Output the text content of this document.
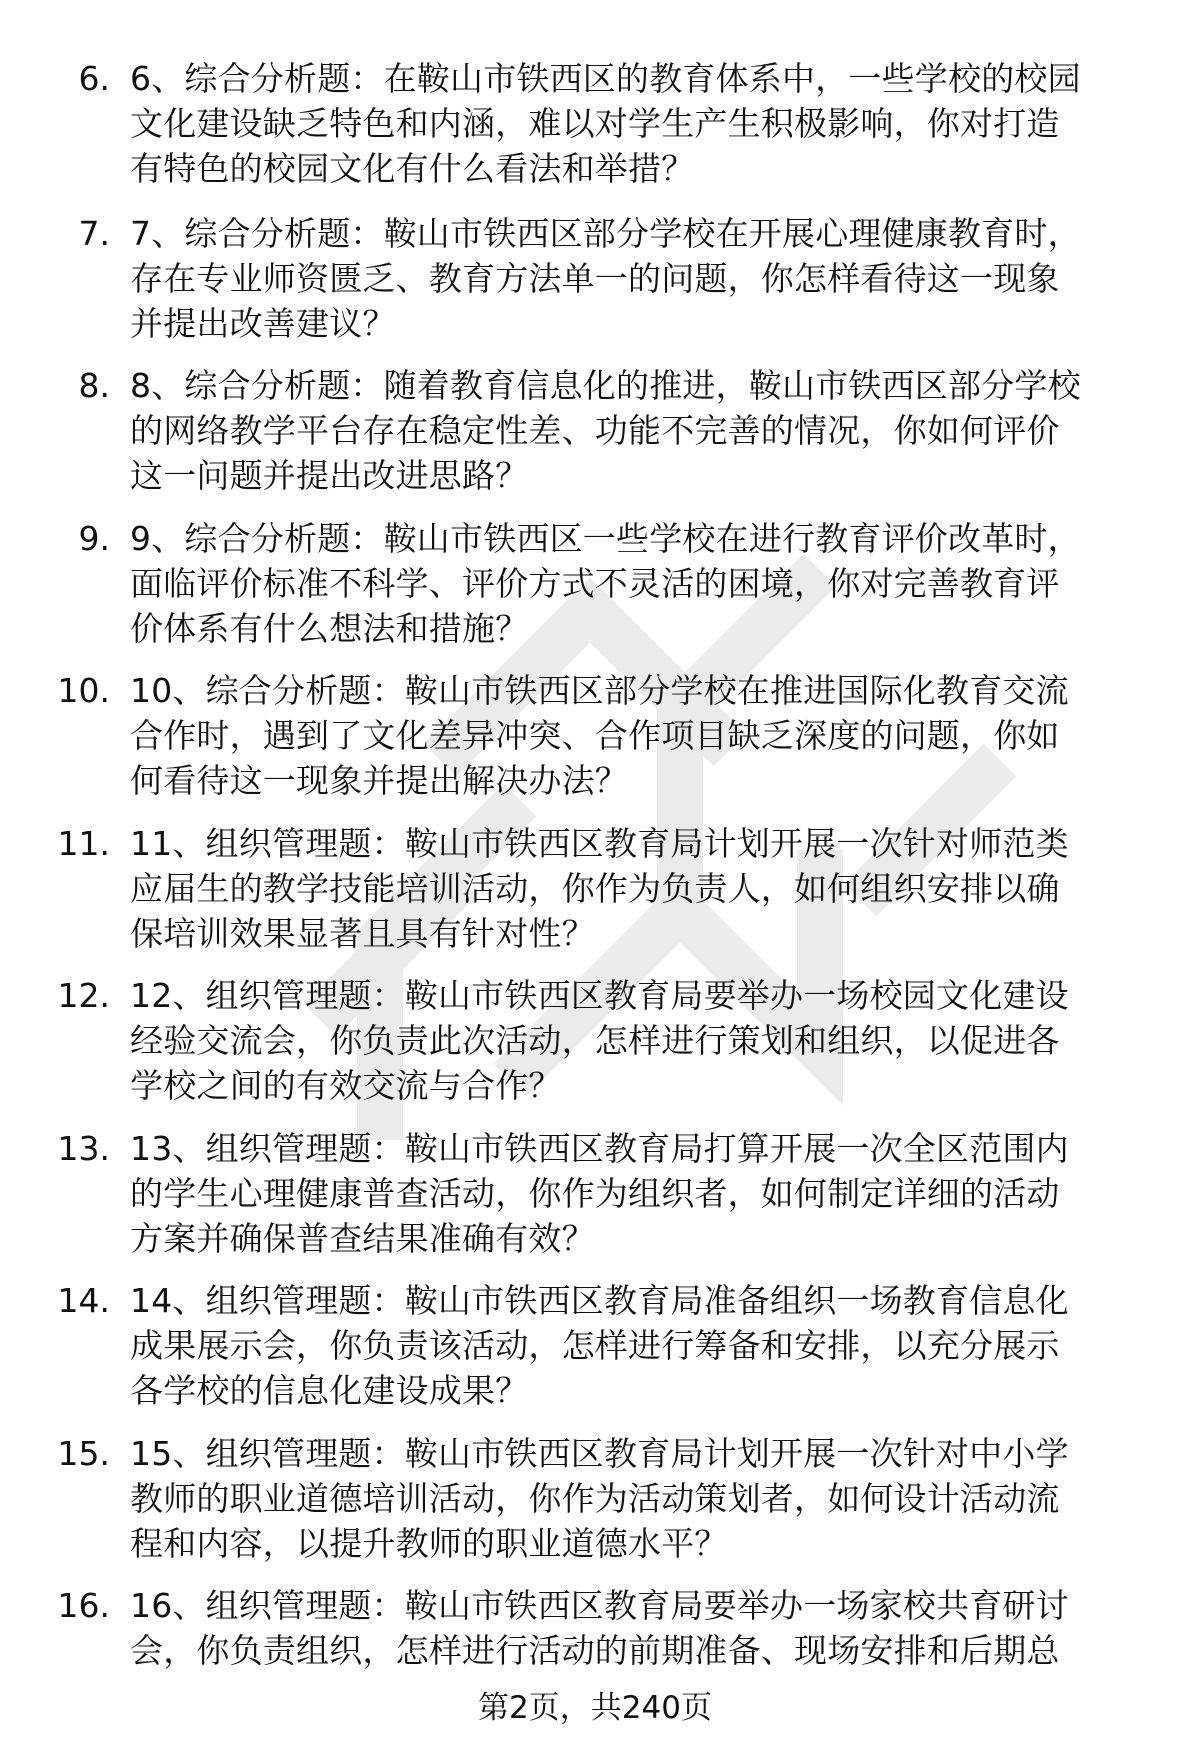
6. 6、综合分析题：在鞍山市铁西区的教育体系中，一些学校的校园
文化建设缺乏特色和内涵，难以对学生产生积极影响，你对打造
有特色的校园文化有什么看法和举措？
7. 7、综合分析题：鞍山市铁西区部分学校在开展心理健康教育时，
存在专业师资匮乏、教育方法单一的问题，你怎样看待这一现象
并提出改善建议？
8. 8、综合分析题：随着教育信息化的推进，鞍山市铁西区部分学校
的网络教学平台存在稳定性差、功能不完善的情况，你如何评价
这一问题并提出改进思路？
9. 9、综合分析题：鞍山市铁西区一些学校在进行教育评价改革时，
面临评价标准不科学、评价方式不灵活的困境，你对完善教育评
价体系有什么想法和措施？
10. 10、综合分析题：鞍山市铁西区部分学校在推进国际化教育交流
合作时，遇到了文化差异冲突、合作项目缺乏深度的问题，你如
何看待这一现象并提出解决办法？
11. 11、组织管理题：鞍山市铁西区教育局计划开展一次针对师范类
应届生的教学技能培训活动，你作为负责人，如何组织安排以确
保培训效果显著且具有针对性？
12. 12、组织管理题：鞍山市铁西区教育局要举办一场校园文化建设
经验交流会，你负责此次活动，怎样进行策划和组织，以促进各
学校之间的有效交流与合作？
13. 13、组织管理题：鞍山市铁西区教育局打算开展一次全区范围内
的学生心理健康普查活动，你作为组织者，如何制定详细的活动
方案并确保普查结果准确有效？
14. 14、组织管理题：鞍山市铁西区教育局准备组织一场教育信息化
成果展示会，你负责该活动，怎样进行筹备和安排，以充分展示
各学校的信息化建设成果？
15. 15、组织管理题：鞍山市铁西区教育局计划开展一次针对中小学
教师的职业道德培训活动，你作为活动策划者，如何设计活动流
程和内容，以提升教师的职业道德水平？
16. 16、组织管理题：鞍山市铁西区教育局要举办一场家校共育研讨
会，你负责组织，怎样进行活动的前期准备、现场安排和后期总
第2页，共240页
